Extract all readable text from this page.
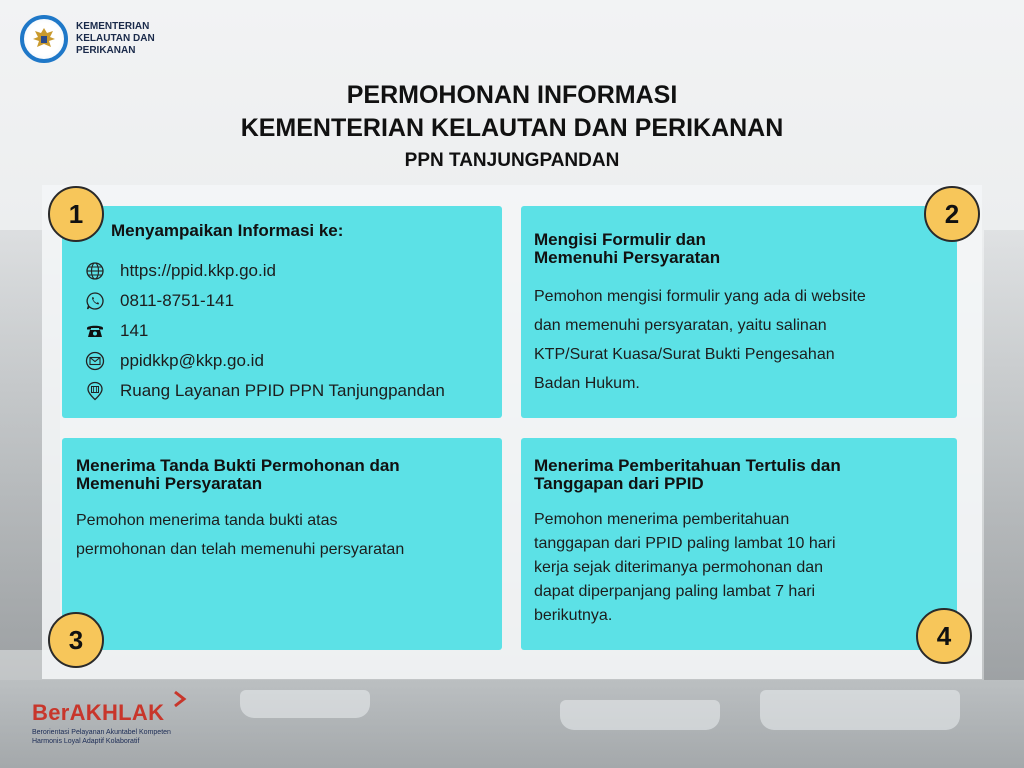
KEMENTERIAN
KELAUTAN DAN
PERIKANAN
PERMOHONAN INFORMASI
KEMENTERIAN KELAUTAN DAN PERIKANAN
PPN TANJUNGPANDAN
Menyampaikan Informasi ke:
https://ppid.kkp.go.id
0811-8751-141
141
ppidkkp@kkp.go.id
Ruang Layanan PPID PPN Tanjungpandan
Mengisi Formulir dan
Memenuhi Persyaratan
Pemohon mengisi formulir yang ada di website
dan memenuhi persyaratan, yaitu salinan
KTP/Surat Kuasa/Surat Bukti Pengesahan
Badan Hukum.
Menerima Tanda Bukti Permohonan dan
Memenuhi Persyaratan
Pemohon menerima tanda bukti atas
permohonan dan telah memenuhi persyaratan
Menerima Pemberitahuan Tertulis dan
Tanggapan dari PPID
Pemohon menerima pemberitahuan
tanggapan dari PPID paling lambat 10 hari
kerja sejak diterimanya permohonan dan
dapat diperpanjang paling lambat 7 hari
berikutnya.
1	2
3	4
BerAKHLAK
Berorientasi Pelayanan Akuntabel Kompeten
Harmonis Loyal Adaptif Kolaboratif
